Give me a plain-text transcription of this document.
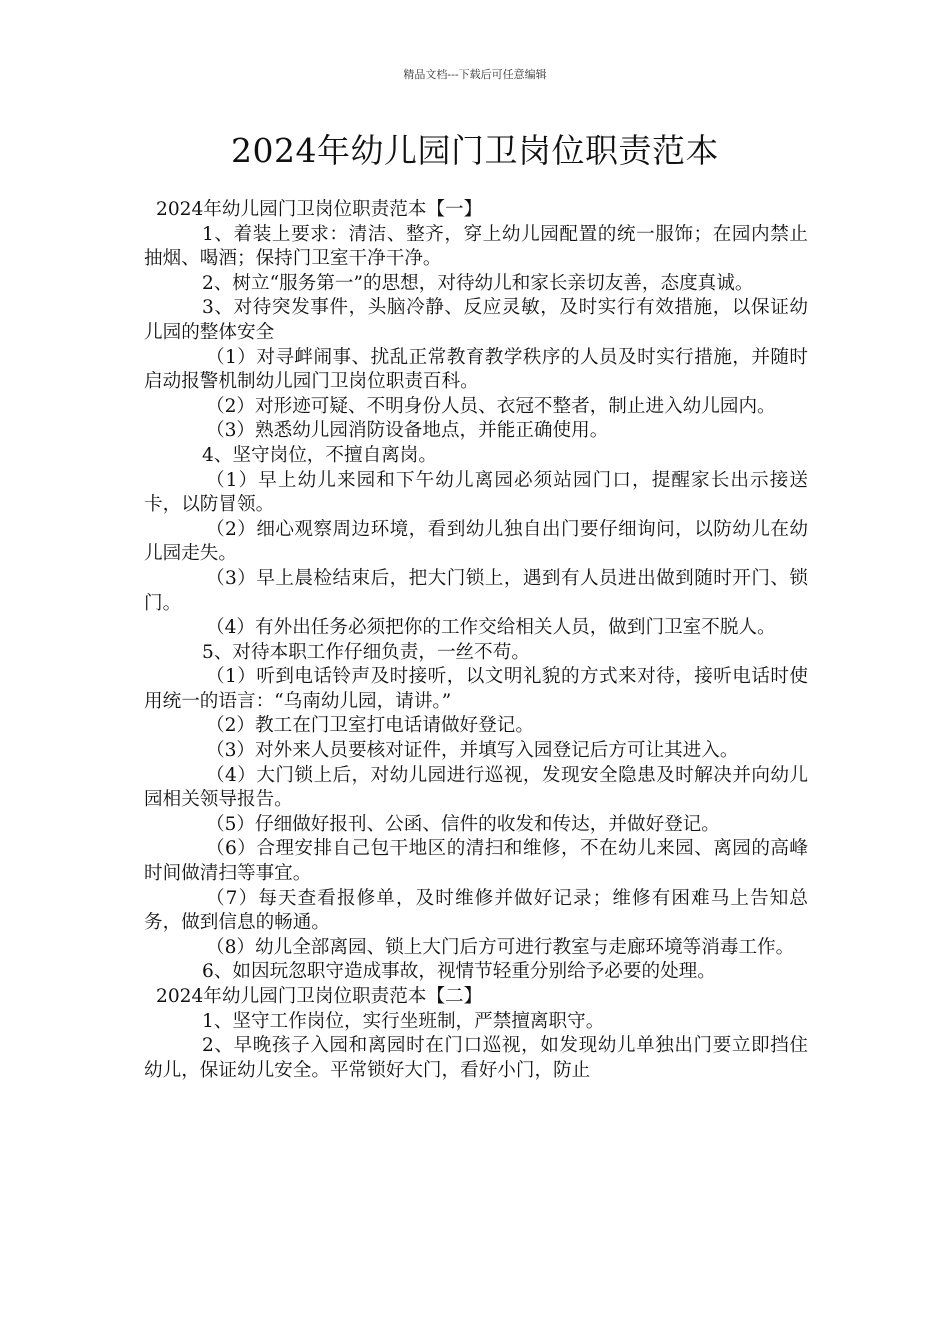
精品文档---下载后可任意编辑
2024年幼儿园门卫岗位职责范本

2024年幼儿园门卫岗位职责范本【一】

1、着装上要求：清洁、整齐，穿上幼儿园配置的统一服饰；在园内禁止抽烟、喝酒；保持门卫室干净干净。

2、树立“服务第一”的思想，对待幼儿和家长亲切友善，态度真诚。

3、对待突发事件，头脑冷静、反应灵敏，及时实行有效措施，以保证幼儿园的整体安全

（1）对寻衅闹事、扰乱正常教育教学秩序的人员及时实行措施，并随时启动报警机制幼儿园门卫岗位职责百科。

（2）对形迹可疑、不明身份人员、衣冠不整者，制止进入幼儿园内。

（3）熟悉幼儿园消防设备地点，并能正确使用。

4、坚守岗位，不擅自离岗。

（1）早上幼儿来园和下午幼儿离园必须站园门口，提醒家长出示接送卡，以防冒领。

（2）细心观察周边环境，看到幼儿独自出门要仔细询问，以防幼儿在幼儿园走失。

（3）早上晨检结束后，把大门锁上，遇到有人员进出做到随时开门、锁门。

（4）有外出任务必须把你的工作交给相关人员，做到门卫室不脱人。

5、对待本职工作仔细负责，一丝不苟。

（1）听到电话铃声及时接听，以文明礼貌的方式来对待，接听电话时使用统一的语言：“乌南幼儿园，请讲。”

（2）教工在门卫室打电话请做好登记。

（3）对外来人员要核对证件，并填写入园登记后方可让其进入。

（4）大门锁上后，对幼儿园进行巡视，发现安全隐患及时解决并向幼儿园相关领导报告。

（5）仔细做好报刊、公函、信件的收发和传达，并做好登记。

（6）合理安排自己包干地区的清扫和维修，不在幼儿来园、离园的高峰时间做清扫等事宜。

（7）每天查看报修单，及时维修并做好记录；维修有困难马上告知总务，做到信息的畅通。

（8）幼儿全部离园、锁上大门后方可进行教室与走廊环境等消毒工作。

6、如因玩忽职守造成事故，视情节轻重分别给予必要的处理。

2024年幼儿园门卫岗位职责范本【二】

1、坚守工作岗位，实行坐班制，严禁擅离职守。

2、早晚孩子入园和离园时在门口巡视，如发现幼儿单独出门要立即挡住幼儿，保证幼儿安全。平常锁好大门，看好小门，防止
